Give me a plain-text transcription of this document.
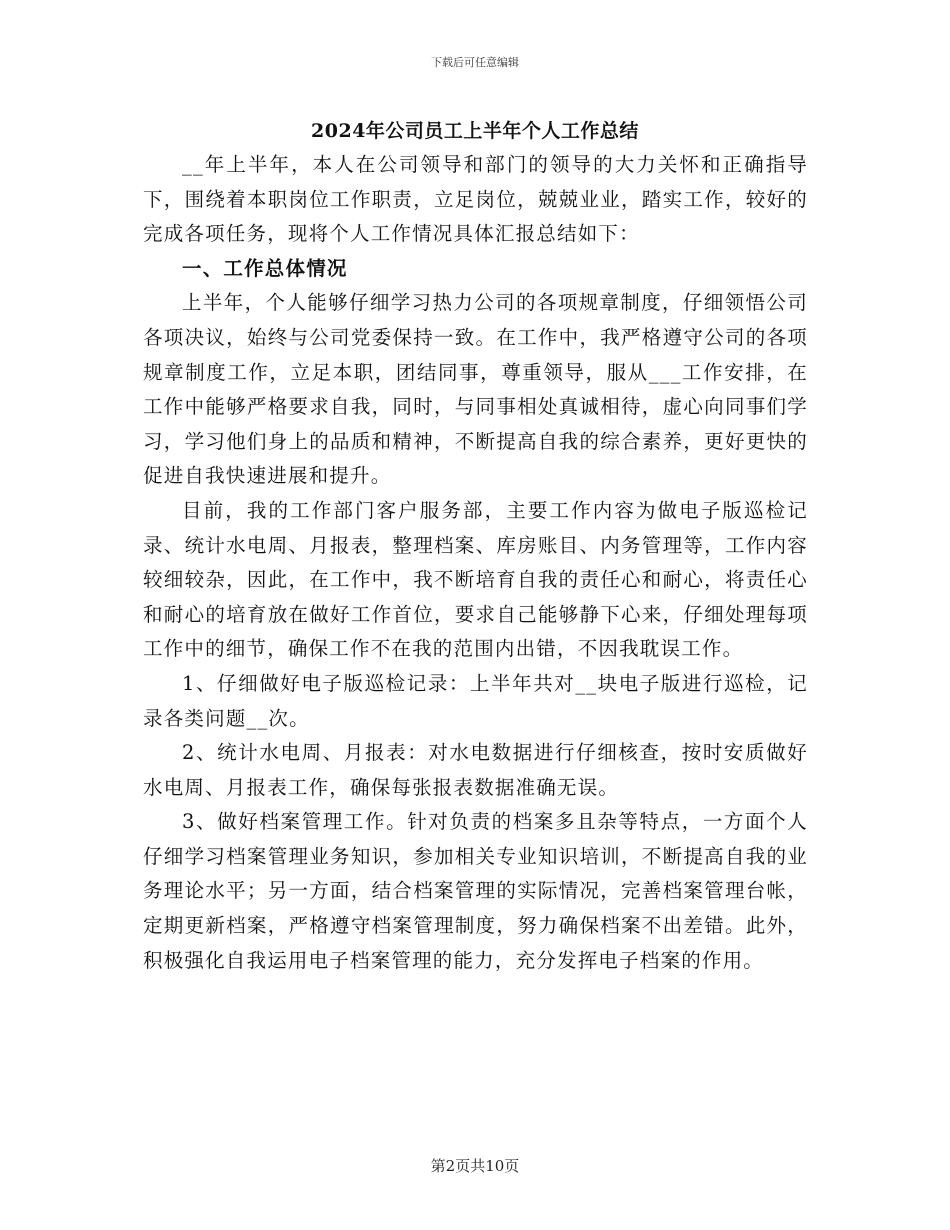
下载后可任意编辑
2024年公司员工上半年个人工作总结

__年上半年，本人在公司领导和部门的领导的大力关怀和正确指导下，围绕着本职岗位工作职责，立足岗位，兢兢业业，踏实工作，较好的完成各项任务，现将个人工作情况具体汇报总结如下：

一、工作总体情况

上半年，个人能够仔细学习热力公司的各项规章制度，仔细领悟公司各项决议，始终与公司党委保持一致。在工作中，我严格遵守公司的各项规章制度工作，立足本职，团结同事，尊重领导，服从___工作安排，在工作中能够严格要求自我，同时，与同事相处真诚相待，虚心向同事们学习，学习他们身上的品质和精神，不断提高自我的综合素养，更好更快的促进自我快速进展和提升。

目前，我的工作部门客户服务部，主要工作内容为做电子版巡检记录、统计水电周、月报表，整理档案、库房账目、内务管理等，工作内容较细较杂，因此，在工作中，我不断培育自我的责任心和耐心，将责任心和耐心的培育放在做好工作首位，要求自己能够静下心来，仔细处理每项工作中的细节，确保工作不在我的范围内出错，不因我耽误工作。

1、仔细做好电子版巡检记录：上半年共对__块电子版进行巡检，记录各类问题__次。

2、统计水电周、月报表：对水电数据进行仔细核查，按时安质做好水电周、月报表工作，确保每张报表数据准确无误。

3、做好档案管理工作。针对负责的档案多且杂等特点，一方面个人仔细学习档案管理业务知识，参加相关专业知识培训，不断提高自我的业务理论水平；另一方面，结合档案管理的实际情况，完善档案管理台帐，定期更新档案，严格遵守档案管理制度，努力确保档案不出差错。此外，积极强化自我运用电子档案管理的能力，充分发挥电子档案的作用。

第2页共10页
